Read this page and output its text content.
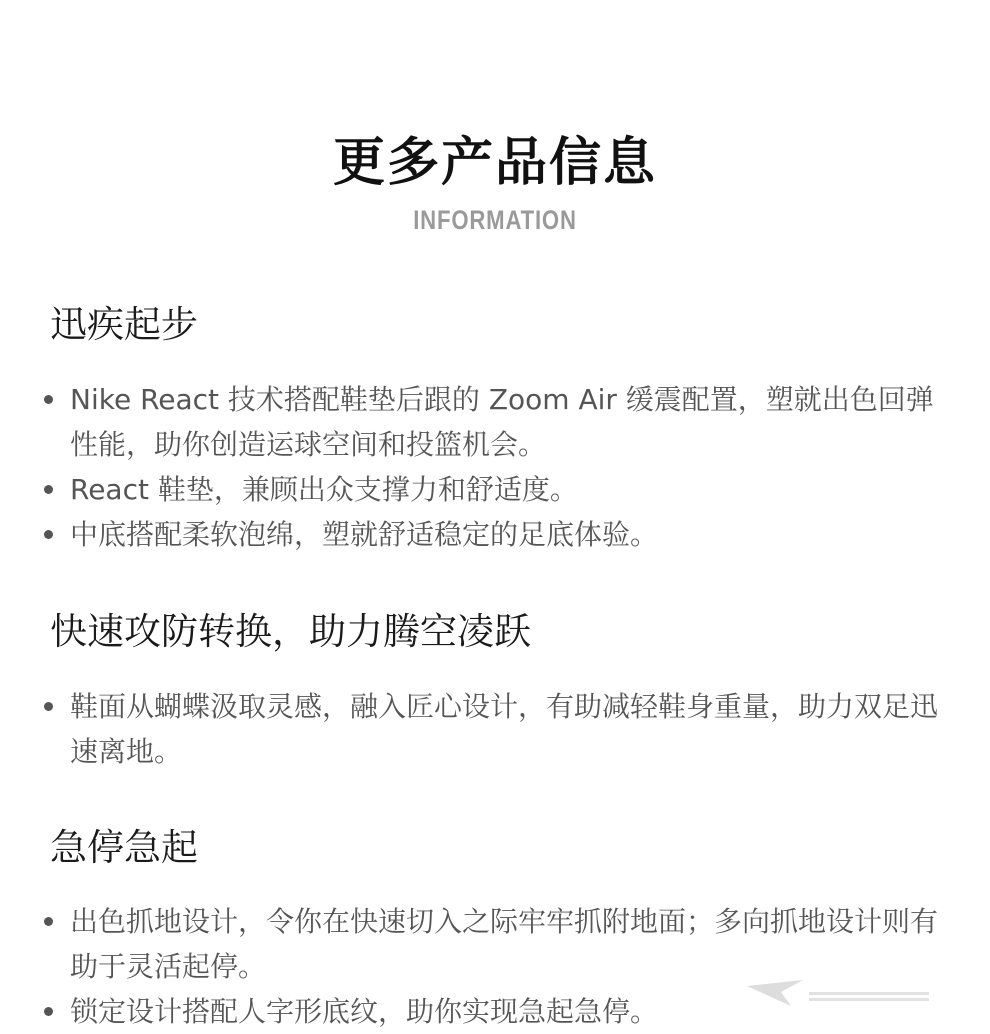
更多产品信息
INFORMATION
迅疾起步
Nike React 技术搭配鞋垫后跟的 Zoom Air 缓震配置，塑就出色回弹性能，助你创造运球空间和投篮机会。
React 鞋垫，兼顾出众支撑力和舒适度。
中底搭配柔软泡绵，塑就舒适稳定的足底体验。
快速攻防转换，助力腾空凌跃
鞋面从蝴蝶汲取灵感，融入匠心设计，有助减轻鞋身重量，助力双足迅速离地。
急停急起
出色抓地设计，令你在快速切入之际牢牢抓附地面；多向抓地设计则有助于灵活起停。
锁定设计搭配人字形底纹，助你实现急起急停。
